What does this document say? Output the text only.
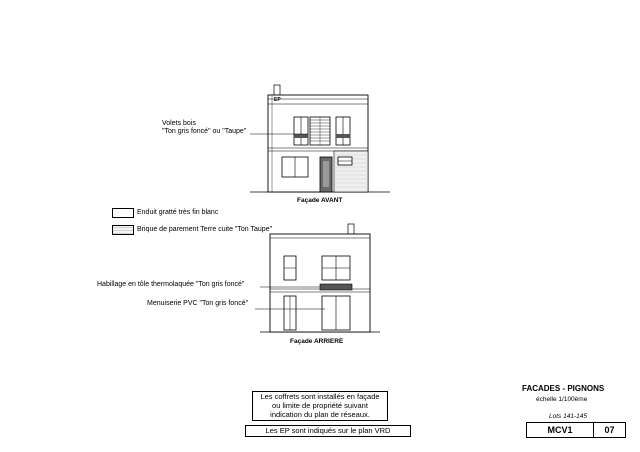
EP
Volets bois
"Ton gris foncé" ou "Taupe"
Façade AVANT
Enduit gratté très fin blanc
Brique de parement Terre cuite "Ton Taupe"
Habillage en tôle thermolaquée "Ton gris foncé"
Menuiserie PVC "Ton gris foncé"
Façade ARRIERE
Les coffrets sont installés en façade
ou limite de propriété suivant
indication du plan de réseaux.
Les EP sont indiqués sur le plan VRD
FACADES - PIGNONS
échelle 1/100ème
Lots 141-145
MCV1	07
